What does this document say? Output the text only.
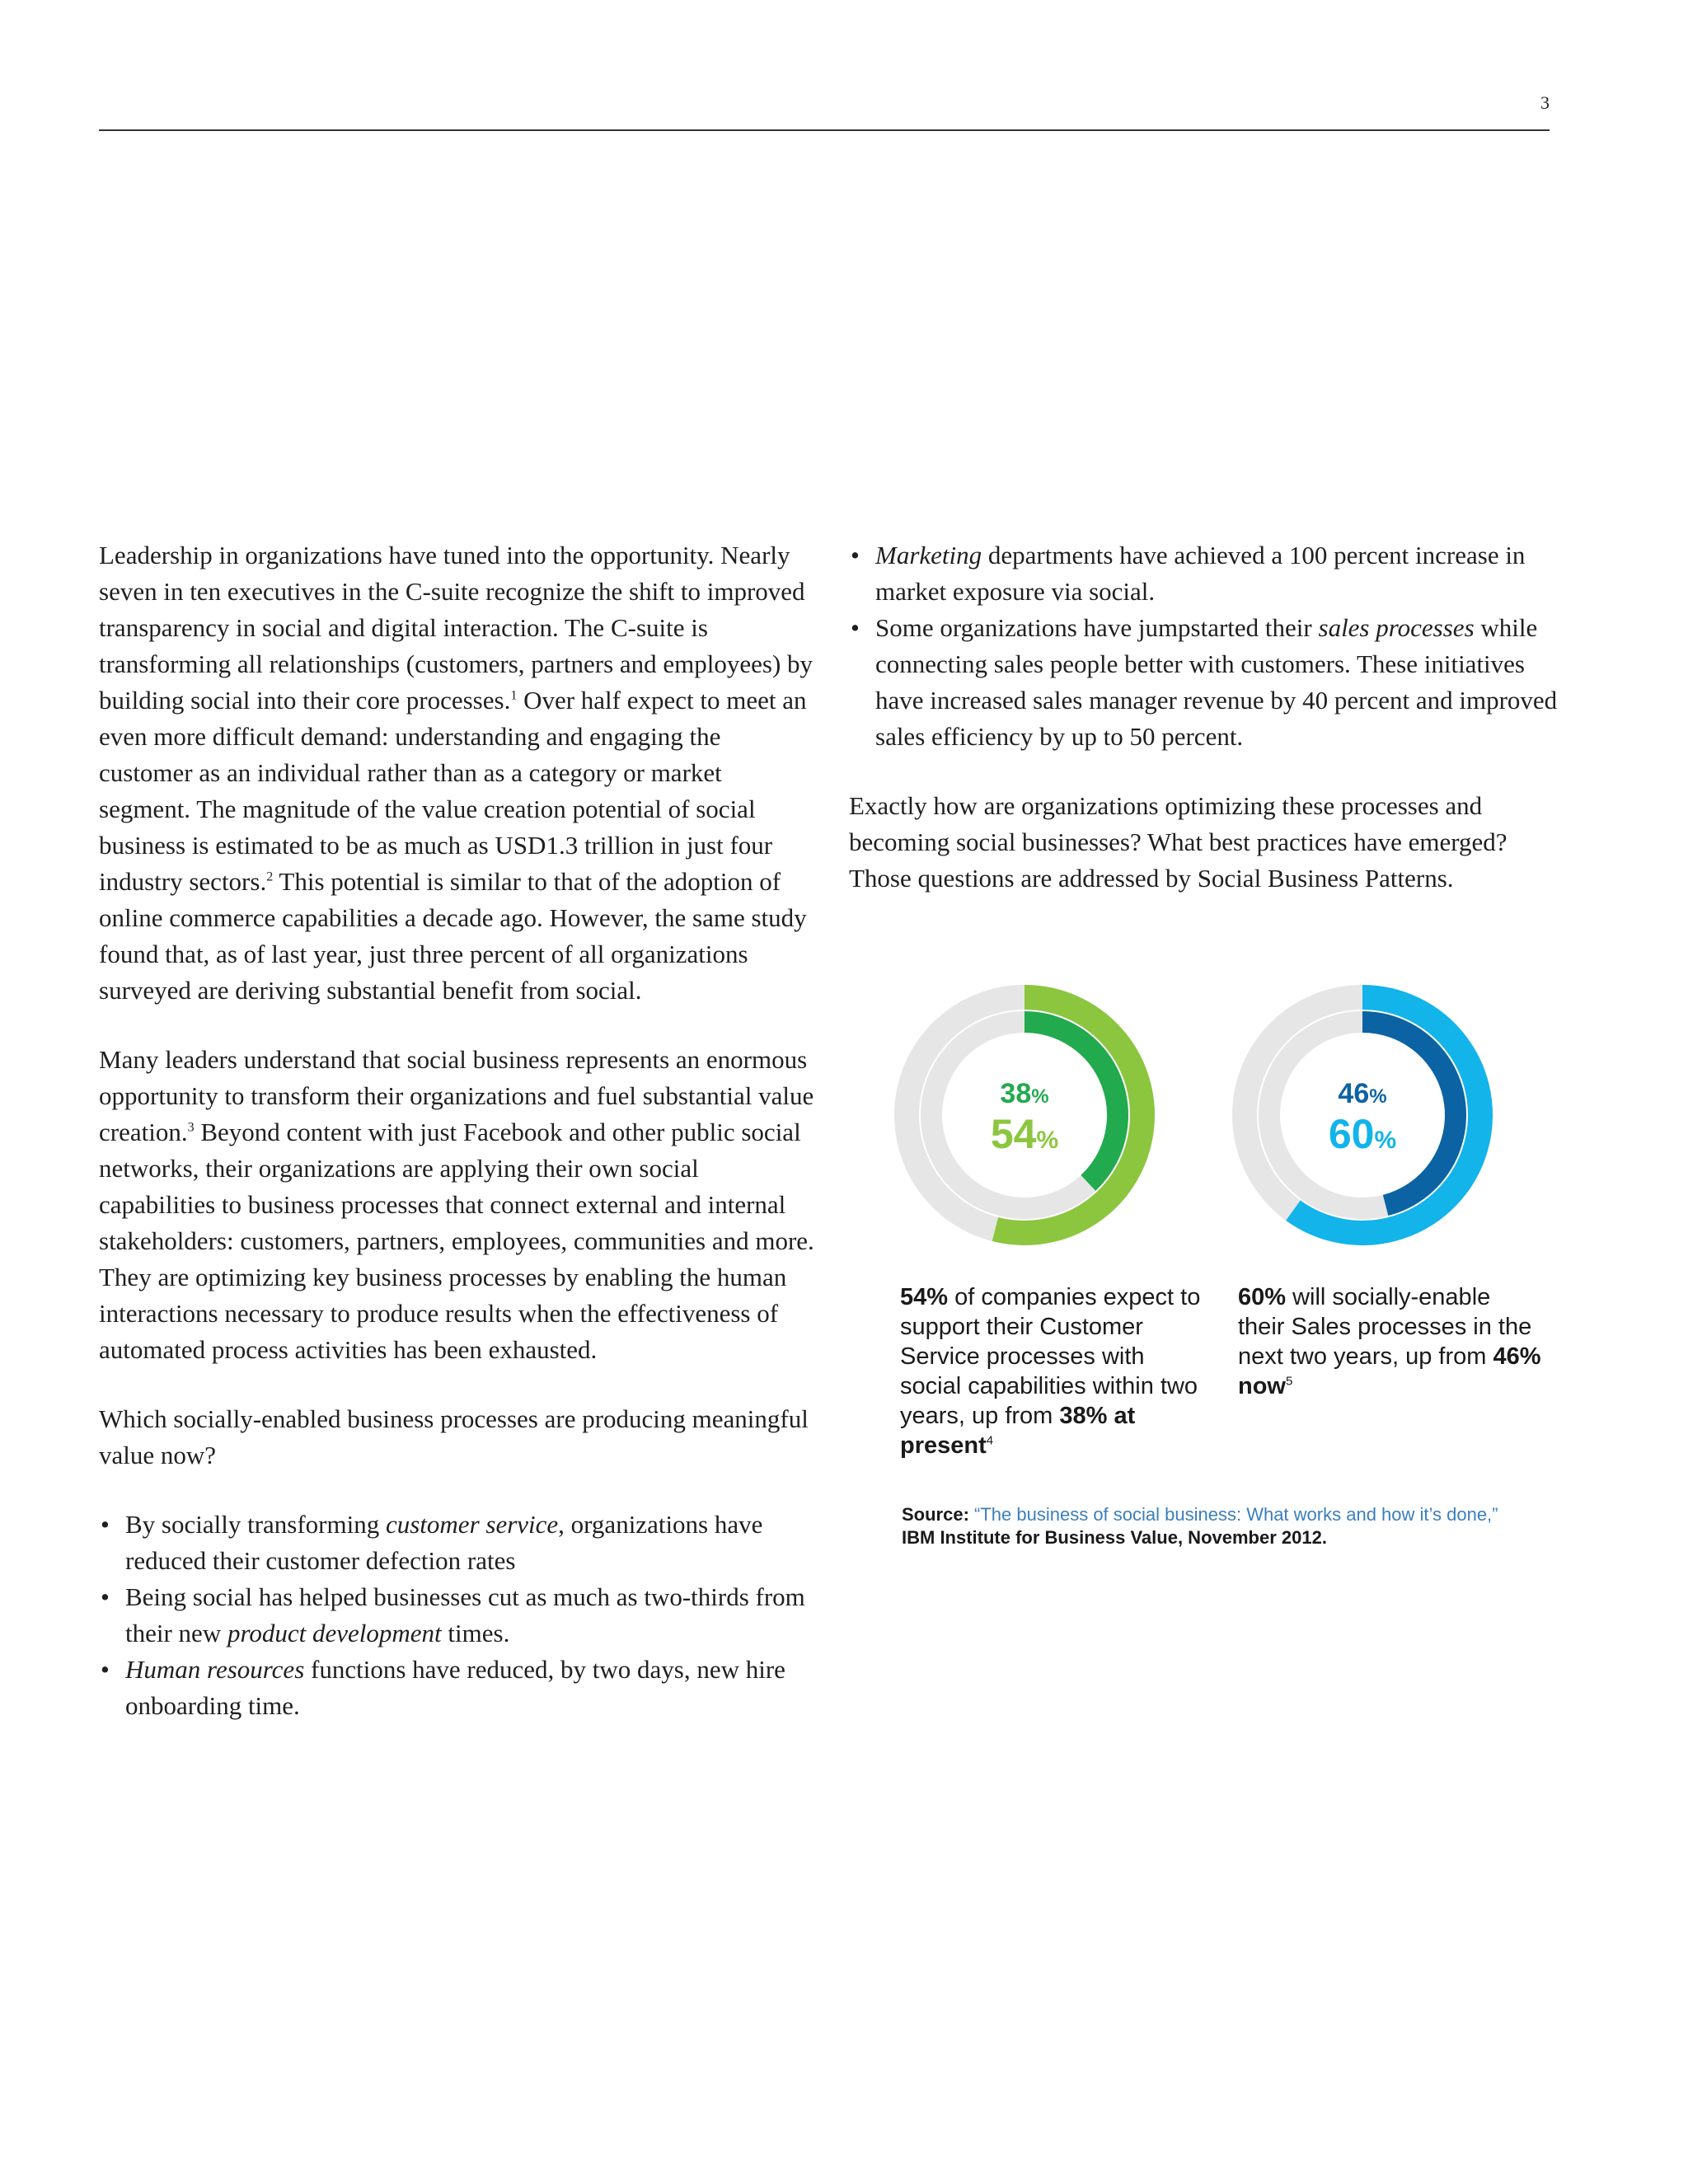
3

Leadership in organizations have tuned into the opportunity. Nearly seven in ten executives in the C-suite recognize the shift to improved transparency in social and digital interaction. The C-suite is transforming all relationships (customers, partners and employees) by building social into their core processes.$^1$ Over half expect to meet an even more difficult demand: understanding and engaging the customer as an individual rather than as a category or market segment. The magnitude of the value creation potential of social business is estimated to be as much as USD1.3 trillion in just four industry sectors.$^2$ This potential is similar to that of the adoption of online commerce capabilities a decade ago. However, the same study found that, as of last year, just three percent of all organizations surveyed are deriving substantial benefit from social.

Many leaders understand that social business represents an enormous opportunity to transform their organizations and fuel substantial value creation.$^3$ Beyond content with just Facebook and other public social networks, their organizations are applying their own social capabilities to business processes that connect external and internal stakeholders: customers, partners, employees, communities and more. They are optimizing key business processes by enabling the human interactions necessary to produce results when the effectiveness of automated process activities has been exhausted.

Which socially-enabled business processes are producing meaningful value now?

• By socially transforming customer service, organizations have reduced their customer defection rates
• Being social has helped businesses cut as much as two-thirds from their new product development times.
• Human resources functions have reduced, by two days, new hire onboarding time.
• Marketing departments have achieved a 100 percent increase in market exposure via social.
• Some organizations have jumpstarted their sales processes while connecting sales people better with customers. These initiatives have increased sales manager revenue by 40 percent and improved sales efficiency by up to 50 percent.

Exactly how are organizations optimizing these processes and becoming social businesses? What best practices have emerged? Those questions are addressed by Social Business Patterns.

38%
54%
46%
60%
54% of companies expect to support their Customer Service processes with social capabilities within two years, up from 38% at present$^4$
60% will socially-enable their Sales processes in the next two years, up from 46% now$^5$
Source: “The business of social business: What works and how it’s done,”
IBM Institute for Business Value, November 2012.
